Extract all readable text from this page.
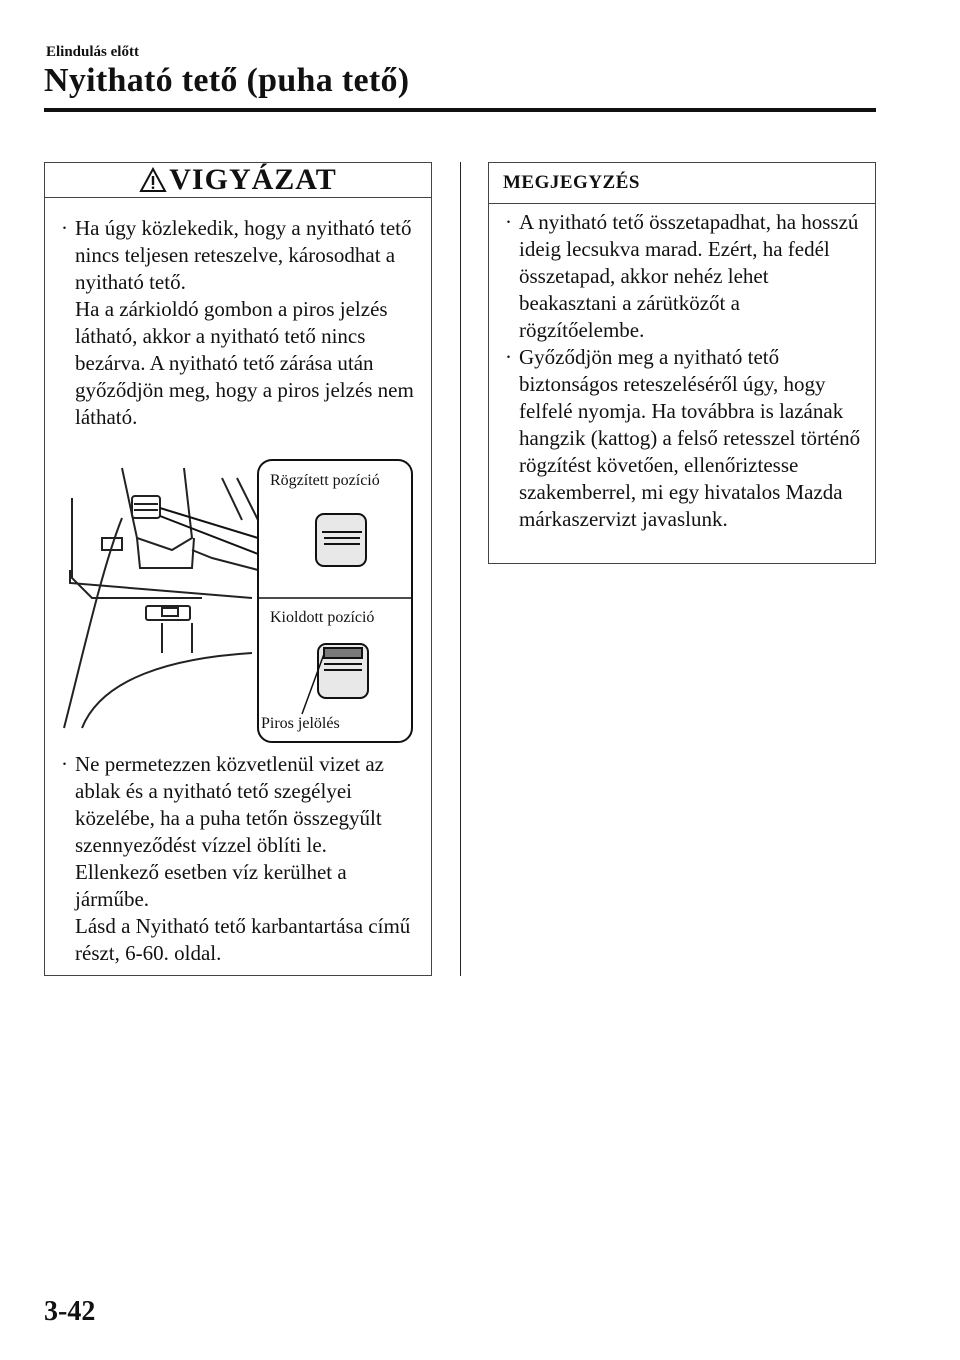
Elindulás előtt
Nyitható tető (puha tető)
VIGYÁZAT
· Ha úgy közlekedik, hogy a nyitható tető nincs teljesen reteszelve, károsodhat a nyitható tető.

Ha a zárkioldó gombon a piros jelzés látható, akkor a nyitható tető nincs bezárva. A nyitható tető zárása után győződjön meg, hogy a piros jelzés nem látható.

· Ne permetezzen közvetlenül vizet az ablak és a nyitható tető szegélyei közelébe, ha a puha tetőn összegyűlt szennyeződést vízzel öblíti le.

Ellenkező esetben víz kerülhet a járműbe.

Lásd a Nyitható tető karbantartása című részt, 6-60. oldal.

Rögzített pozíció
Kioldott pozíció
Piros jelölés
MEGJEGYZÉS
· A nyitható tető összetapadhat, ha hosszú ideig lecsukva marad. Ezért, ha fedél összetapad, akkor nehéz lehet beakasztani a zárütközőt a rögzítőelembe.

· Győződjön meg a nyitható tető biztonságos reteszeléséről úgy, hogy felfelé nyomja. Ha továbbra is lazának hangzik (kattog) a felső retesszel történő rögzítést követően, ellenőriztesse szakemberrel, mi egy hivatalos Mazda márkaszervizt javaslunk.

3-42
